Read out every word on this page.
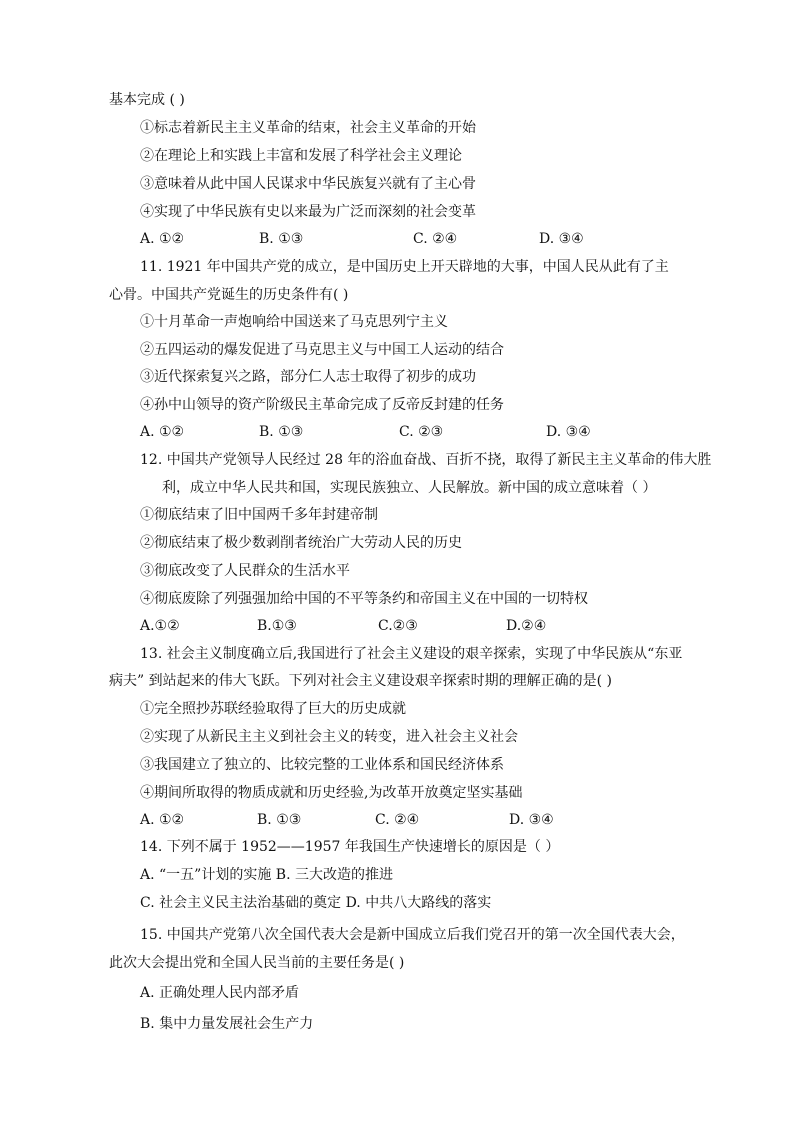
基本完成 ( )
①标志着新民主主义革命的结束，社会主义革命的开始
②在理论上和实践上丰富和发展了科学社会主义理论
③意味着从此中国人民谋求中华民族复兴就有了主心骨
④实现了中华民族有史以来最为广泛而深刻的社会变革
A. ①②	B. ①③	C. ②④	D. ③④
11. 1921 年中国共产党的成立，是中国历史上开天辟地的大事，中国人民从此有了主
心骨。中国共产党诞生的历史条件有( )
①十月革命一声炮响给中国送来了马克思列宁主义
②五四运动的爆发促进了马克思主义与中国工人运动的结合
③近代探索复兴之路，部分仁人志士取得了初步的成功
④孙中山领导的资产阶级民主革命完成了反帝反封建的任务
A. ①②	B. ①③	C. ②③	D. ③④
12. 中国共产党领导人民经过 28 年的浴血奋战、百折不挠，取得了新民主主义革命的伟大胜
利，成立中华人民共和国，实现民族独立、人民解放。新中国的成立意味着（ ）
①彻底结束了旧中国两千多年封建帝制
②彻底结束了极少数剥削者统治广大劳动人民的历史
③彻底改变了人民群众的生活水平
④彻底废除了列强强加给中国的不平等条约和帝国主义在中国的一切特权
A.①②	B.①③	C.②③	D.②④
13. 社会主义制度确立后,我国进行了社会主义建设的艰辛探索，实现了中华民族从“东亚
病夫” 到站起来的伟大飞跃。下列对社会主义建设艰辛探索时期的理解正确的是( )
①完全照抄苏联经验取得了巨大的历史成就
②实现了从新民主主义到社会主义的转变，进入社会主义社会
③我国建立了独立的、比较完整的工业体系和国民经济体系
④期间所取得的物质成就和历史经验,为改革开放奠定坚实基础
A. ①②	B. ①③	C. ②④	D. ③④
14. 下列不属于 1952——1957 年我国生产快速增长的原因是（ ）
A. “一五”计划的实施 B. 三大改造的推进
C. 社会主义民主法治基础的奠定 D. 中共八大路线的落实
15. 中国共产党第八次全国代表大会是新中国成立后我们党召开的第一次全国代表大会，
此次大会提出党和全国人民当前的主要任务是( )
A. 正确处理人民内部矛盾
B. 集中力量发展社会生产力
